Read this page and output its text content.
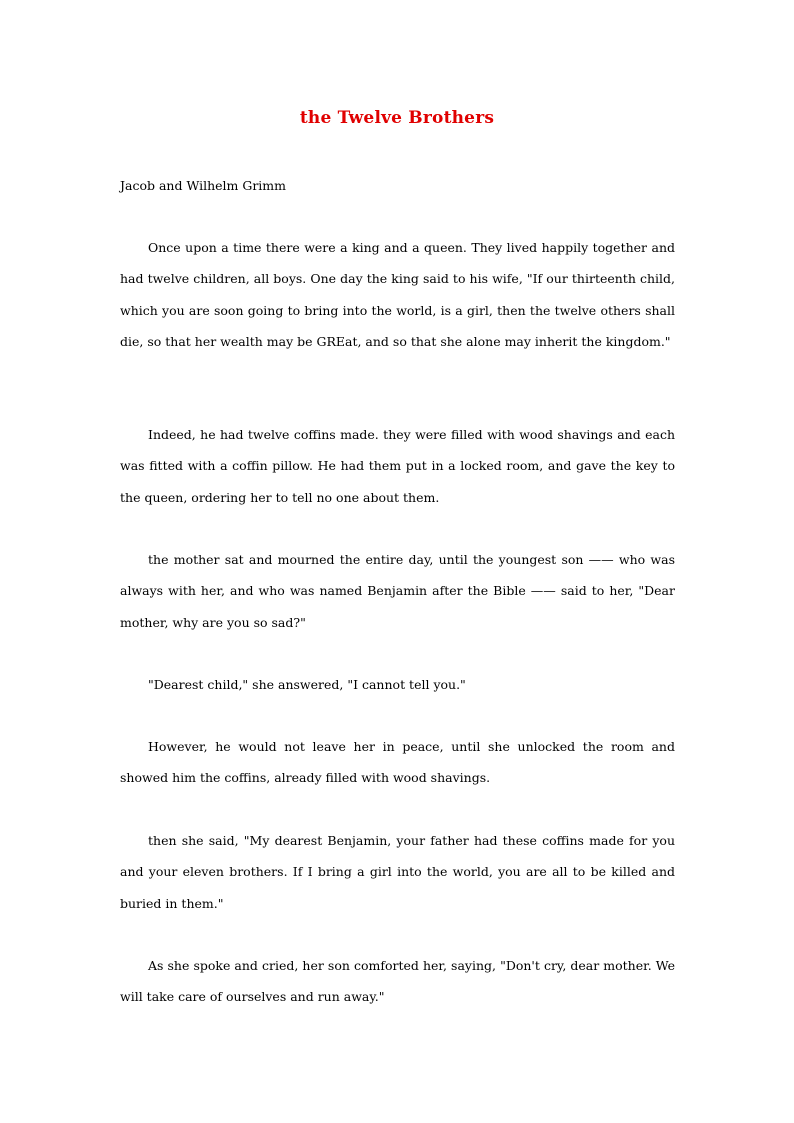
the Twelve Brothers
Jacob and Wilhelm Grimm

Once upon a time there were a king and a queen. They lived happily together and had twelve children, all boys. One day the king said to his wife, "If our thirteenth child, which you are soon going to bring into the world, is a girl, then the twelve others shall die, so that her wealth may be GREat, and so that she alone may inherit the kingdom."

Indeed, he had twelve coffins made. they were filled with wood shavings and each was fitted with a coffin pillow. He had them put in a locked room, and gave the key to the queen, ordering her to tell no one about them.

the mother sat and mourned the entire day, until the youngest son —— who was always with her, and who was named Benjamin after the Bible —— said to her, "Dear mother, why are you so sad?"

"Dearest child," she answered, "I cannot tell you."

However, he would not leave her in peace, until she unlocked the room and showed him the coffins, already filled with wood shavings.

then she said, "My dearest Benjamin, your father had these coffins made for you and your eleven brothers. If I bring a girl into the world, you are all to be killed and buried in them."

As she spoke and cried, her son comforted her, saying, "Don't cry, dear mother. We will take care of ourselves and run away."
